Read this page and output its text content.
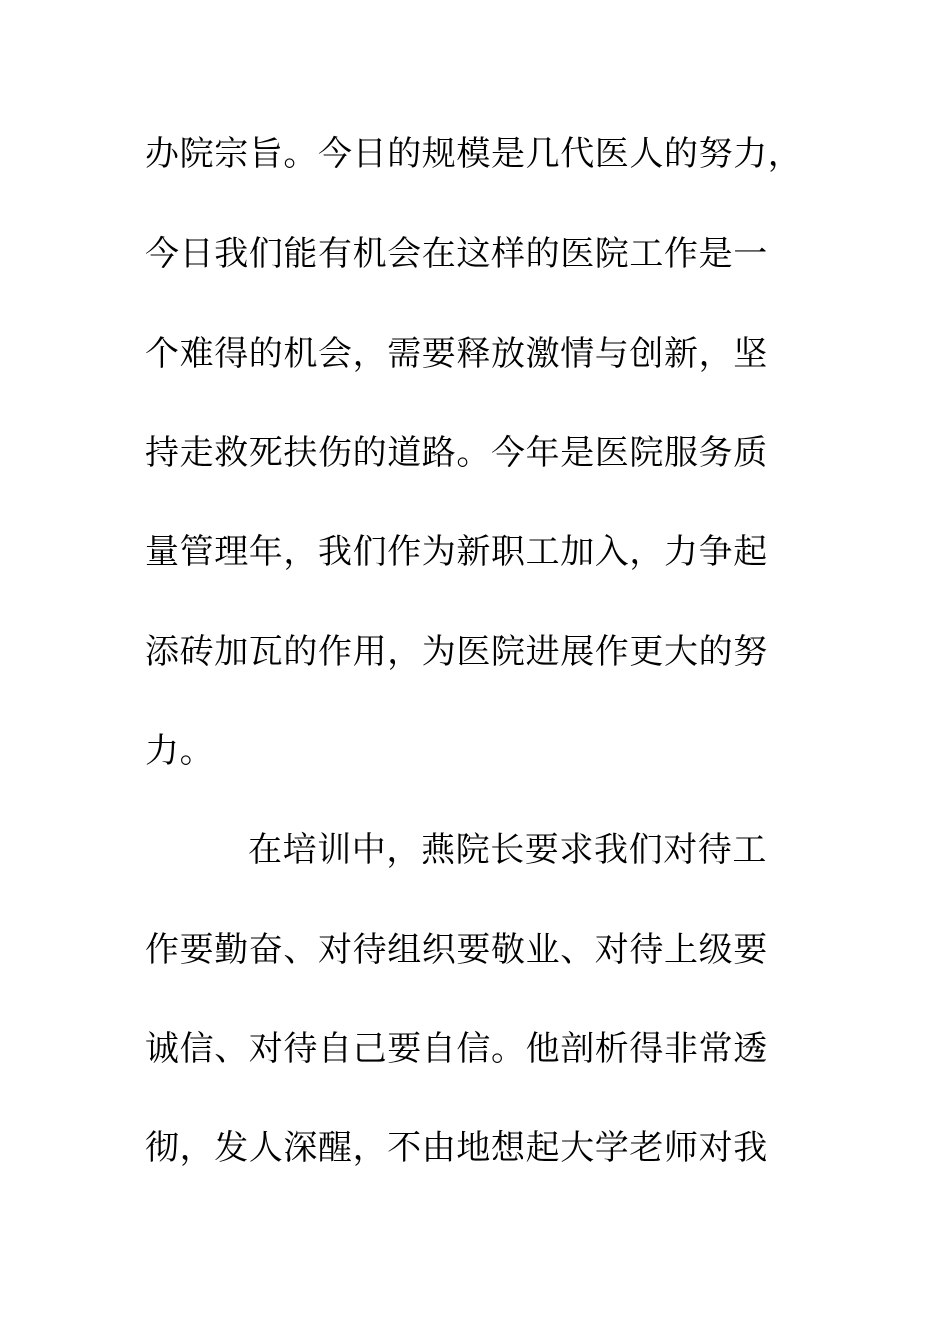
办院宗旨。今日的规模是几代医人的努力，
今日我们能有机会在这样的医院工作是一
个难得的机会，需要释放激情与创新，坚
持走救死扶伤的道路。今年是医院服务质
量管理年，我们作为新职工加入，力争起
添砖加瓦的作用，为医院进展作更大的努
力。
在培训中，燕院长要求我们对待工
作要勤奋、对待组织要敬业、对待上级要
诚信、对待自己要自信。他剖析得非常透
彻，发人深醒，不由地想起大学老师对我
